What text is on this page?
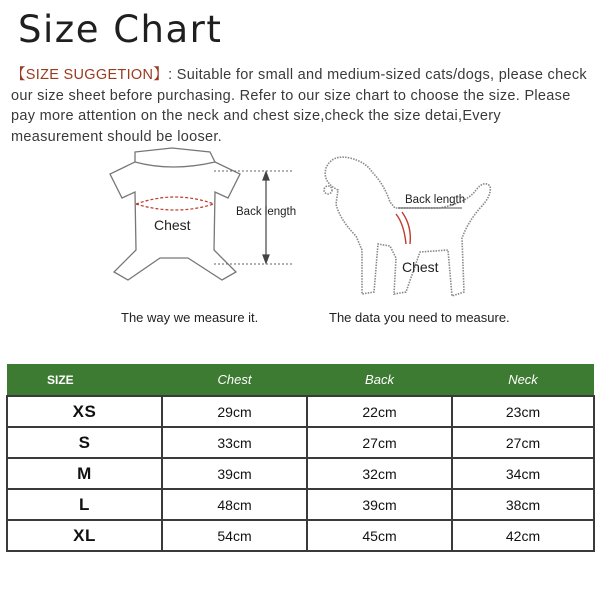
Size Chart
【SIZE SUGGETION】: Suitable for small and medium-sized cats/dogs, please check our size sheet before purchasing. Refer to our size chart to choose the size. Please pay more attention on the neck and chest size,check the size detai,Every measurement should be looser.
Chest
Back length
Back length
Chest
The way we measure it.	The data you need to measure.
SIZE	Chest	Back	Neck
XS	29cm	22cm	23cm
S	33cm	27cm	27cm
M	39cm	32cm	34cm
L	48cm	39cm	38cm
XL	54cm	45cm	42cm
